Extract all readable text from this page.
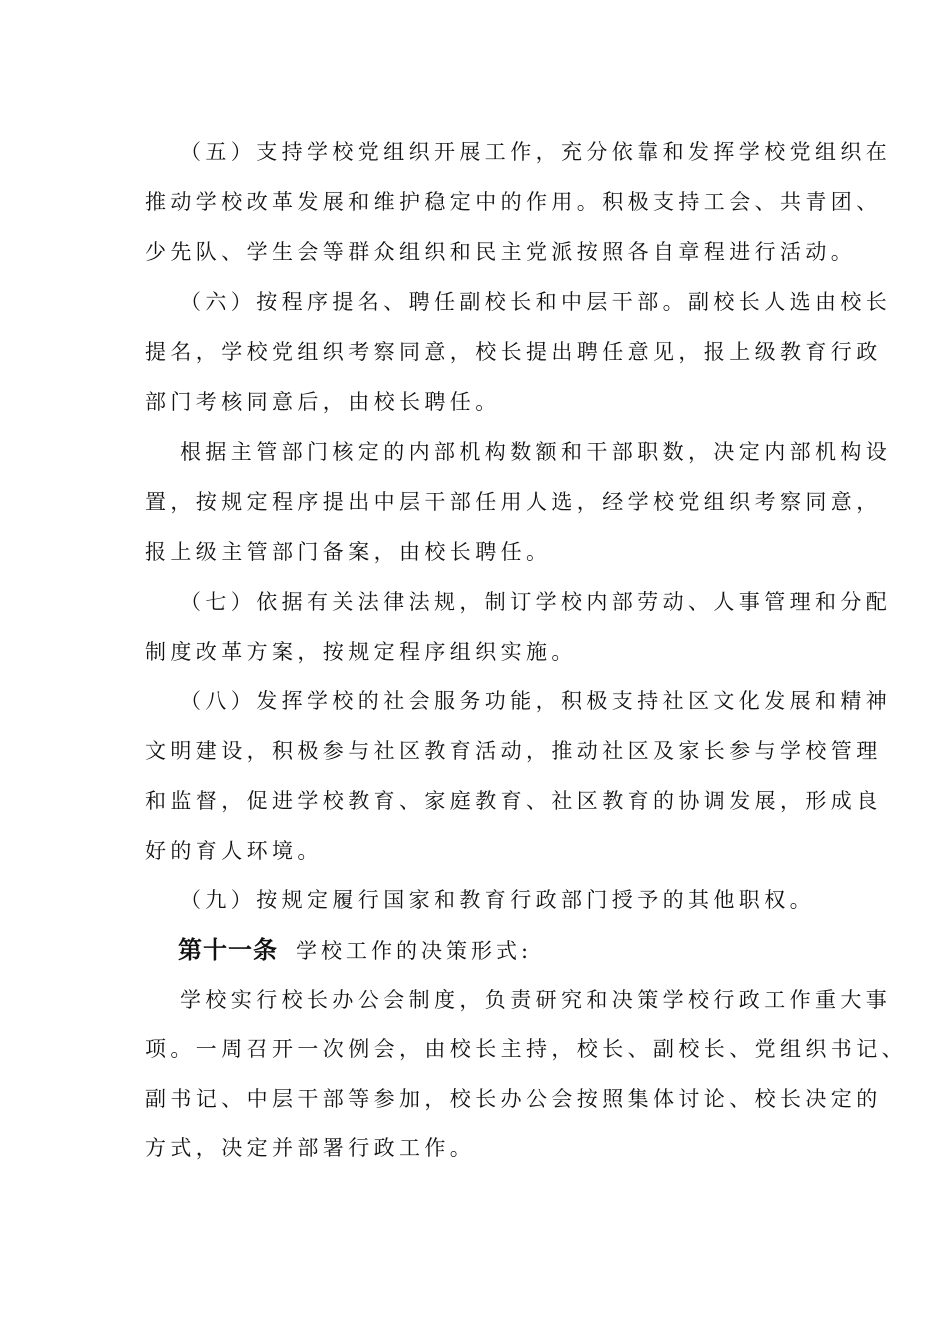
（五）支持学校党组织开展工作，充分依靠和发挥学校党组织在
推动学校改革发展和维护稳定中的作用。积极支持工会、共青团、
少先队、学生会等群众组织和民主党派按照各自章程进行活动。
（六）按程序提名、聘任副校长和中层干部。副校长人选由校长
提名，学校党组织考察同意，校长提出聘任意见，报上级教育行政
部门考核同意后，由校长聘任。
根据主管部门核定的内部机构数额和干部职数，决定内部机构设
置，按规定程序提出中层干部任用人选，经学校党组织考察同意，
报上级主管部门备案，由校长聘任。
（七）依据有关法律法规，制订学校内部劳动、人事管理和分配
制度改革方案，按规定程序组织实施。
（八）发挥学校的社会服务功能，积极支持社区文化发展和精神
文明建设，积极参与社区教育活动，推动社区及家长参与学校管理
和监督，促进学校教育、家庭教育、社区教育的协调发展，形成良
好的育人环境。
（九）按规定履行国家和教育行政部门授予的其他职权。
第十一条 学校工作的决策形式:
学校实行校长办公会制度，负责研究和决策学校行政工作重大事
项。一周召开一次例会，由校长主持，校长、副校长、党组织书记、
副书记、中层干部等参加，校长办公会按照集体讨论、校长决定的
方式，决定并部署行政工作。
